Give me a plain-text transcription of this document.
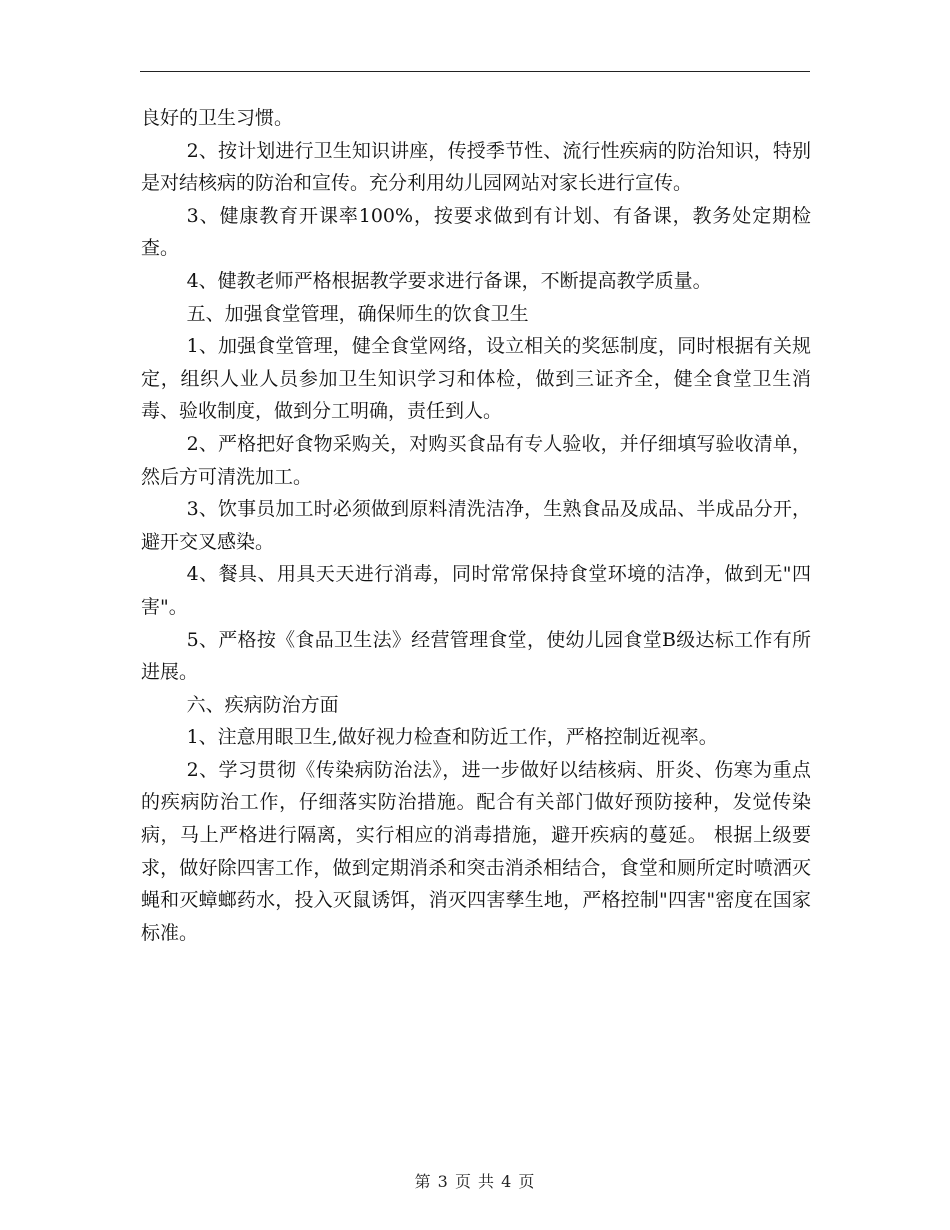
良好的卫生习惯。

2、按计划进行卫生知识讲座，传授季节性、流行性疾病的防治知识，特别是对结核病的防治和宣传。充分利用幼儿园网站对家长进行宣传。

3、健康教育开课率100%，按要求做到有计划、有备课，教务处定期检查。

4、健教老师严格根据教学要求进行备课，不断提高教学质量。

五、加强食堂管理，确保师生的饮食卫生

1、加强食堂管理，健全食堂网络，设立相关的奖惩制度，同时根据有关规定，组织人业人员参加卫生知识学习和体检，做到三证齐全，健全食堂卫生消毒、验收制度，做到分工明确，责任到人。

2、严格把好食物采购关，对购买食品有专人验收，并仔细填写验收清单，然后方可清洗加工。

3、饮事员加工时必须做到原料清洗洁净，生熟食品及成品、半成品分开，避开交叉感染。

4、餐具、用具天天进行消毒，同时常常保持食堂环境的洁净，做到无"四害"。

5、严格按《食品卫生法》经营管理食堂，使幼儿园食堂B级达标工作有所进展。

六、疾病防治方面

1、注意用眼卫生,做好视力检查和防近工作，严格控制近视率。

2、学习贯彻《传染病防治法》，进一步做好以结核病、肝炎、伤寒为重点的疾病防治工作，仔细落实防治措施。配合有关部门做好预防接种，发觉传染病，马上严格进行隔离，实行相应的消毒措施，避开疾病的蔓延。 根据上级要求，做好除四害工作，做到定期消杀和突击消杀相结合，食堂和厕所定时喷洒灭蝇和灭蟑螂药水，投入灭鼠诱饵，消灭四害孳生地，严格控制"四害"密度在国家标准。

第 3 页 共 4 页
